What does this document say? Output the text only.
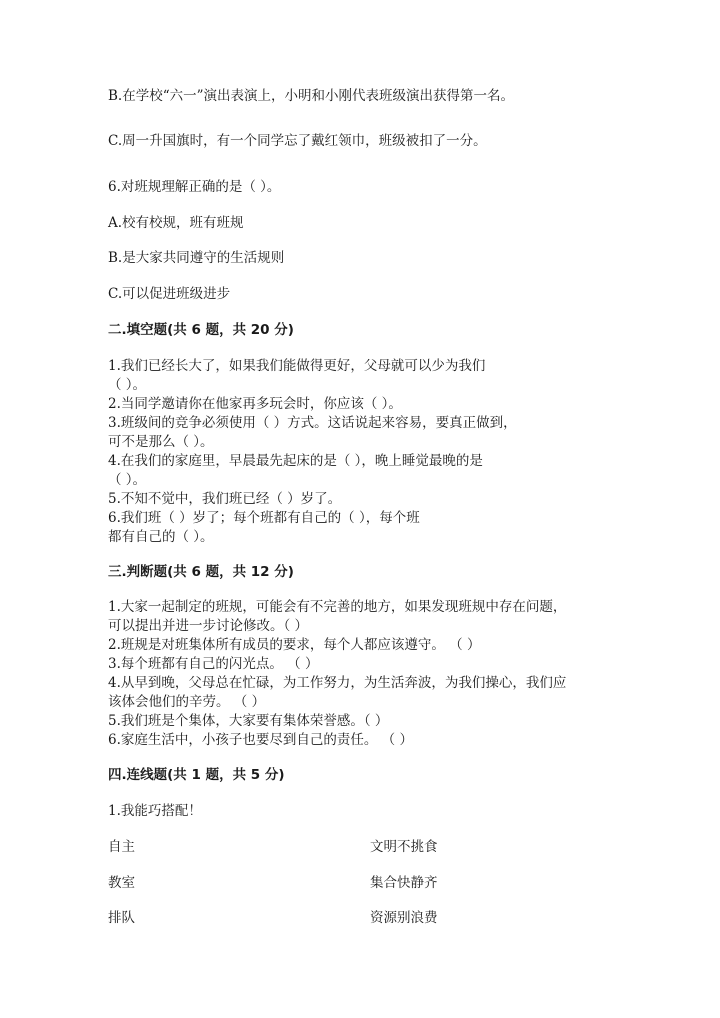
B.在学校“六一”演出表演上，小明和小刚代表班级演出获得第一名。
C.周一升国旗时，有一个同学忘了戴红领巾，班级被扣了一分。
6.对班规理解正确的是（ ）。
A.校有校规，班有班规
B.是大家共同遵守的生活规则
C.可以促进班级进步
二.填空题(共 6 题，共 20 分)
1.我们已经长大了，如果我们能做得更好，父母就可以少为我们
（ ）。
2.当同学邀请你在他家再多玩会时，你应该（ ）。
3.班级间的竞争必须使用（ ）方式。这话说起来容易，要真正做到，
可不是那么（ ）。
4.在我们的家庭里，早晨最先起床的是（ ），晚上睡觉最晚的是
（ ）。
5.不知不觉中，我们班已经（ ）岁了。
6.我们班（ ）岁了；每个班都有自己的（ ），每个班
都有自己的（ ）。
三.判断题(共 6 题，共 12 分)
1.大家一起制定的班规，可能会有不完善的地方，如果发现班规中存在问题，
可以提出并进一步讨论修改。（ ）
2.班规是对班集体所有成员的要求，每个人都应该遵守。 （ ）
3.每个班都有自己的闪光点。 （ ）
4.从早到晚，父母总在忙碌，为工作努力，为生活奔波，为我们操心，我们应
该体会他们的辛劳。 （ ）
5.我们班是个集体，大家要有集体荣誉感。（ ）
6.家庭生活中，小孩子也要尽到自己的责任。 （ ）
四.连线题(共 1 题，共 5 分)
1.我能巧搭配！
自主	文明不挑食
教室	集合快静齐
排队	资源别浪费
